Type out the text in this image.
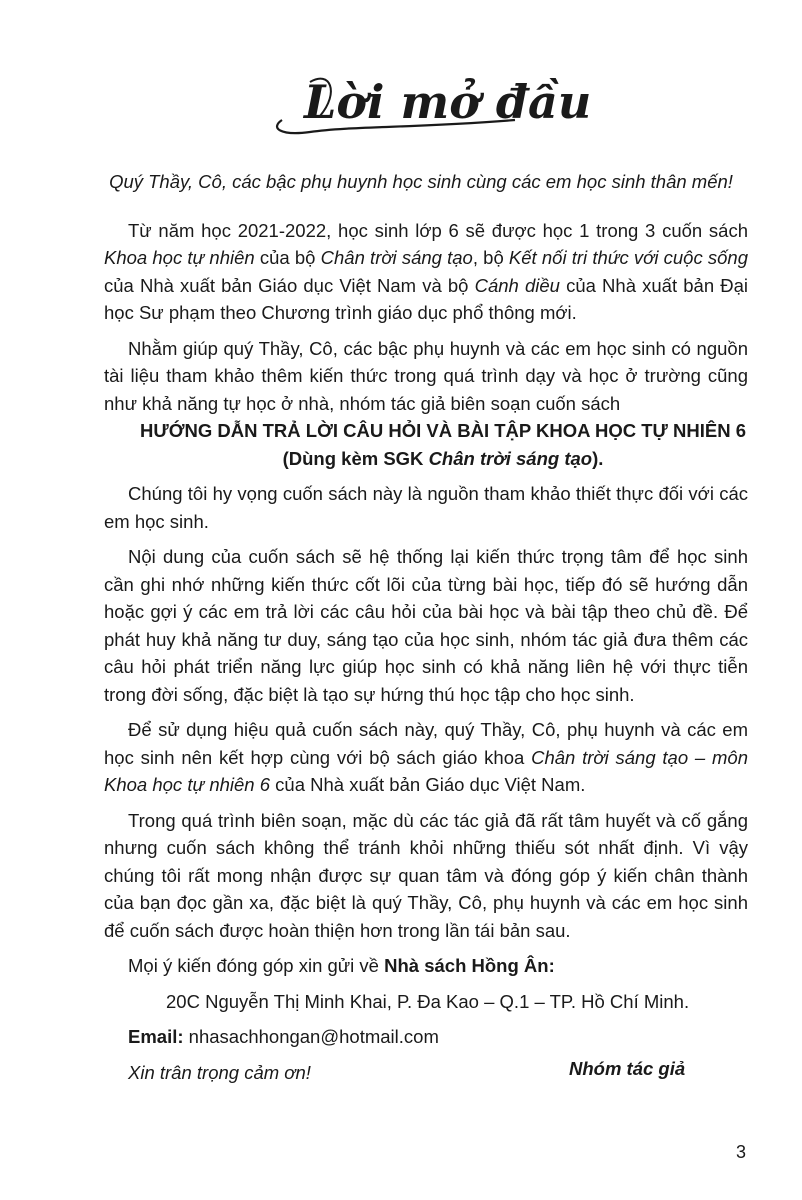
Lời mở đầu

Quý Thầy, Cô, các bậc phụ huynh học sinh cùng các em học sinh thân mến!

Từ năm học 2021-2022, học sinh lớp 6 sẽ được học 1 trong 3 cuốn sách Khoa học tự nhiên của bộ Chân trời sáng tạo, bộ Kết nối tri thức với cuộc sống của Nhà xuất bản Giáo dục Việt Nam và bộ Cánh diều của Nhà xuất bản Đại học Sư phạm theo Chương trình giáo dục phổ thông mới.

Nhằm giúp quý Thầy, Cô, các bậc phụ huynh và các em học sinh có nguồn tài liệu tham khảo thêm kiến thức trong quá trình dạy và học ở trường cũng như khả năng tự học ở nhà, nhóm tác giả biên soạn cuốn sách

HƯỚNG DẪN TRẢ LỜI CÂU HỎI VÀ BÀI TẬP KHOA HỌC TỰ NHIÊN 6

(Dùng kèm SGK Chân trời sáng tạo).

Chúng tôi hy vọng cuốn sách này là nguồn tham khảo thiết thực đối với các em học sinh.

Nội dung của cuốn sách sẽ hệ thống lại kiến thức trọng tâm để học sinh cần ghi nhớ những kiến thức cốt lõi của từng bài học, tiếp đó sẽ hướng dẫn hoặc gợi ý các em trả lời các câu hỏi của bài học và bài tập theo chủ đề. Để phát huy khả năng tư duy, sáng tạo của học sinh, nhóm tác giả đưa thêm các câu hỏi phát triển năng lực giúp học sinh có khả năng liên hệ với thực tiễn trong đời sống, đặc biệt là tạo sự hứng thú học tập cho học sinh.

Để sử dụng hiệu quả cuốn sách này, quý Thầy, Cô, phụ huynh và các em học sinh nên kết hợp cùng với bộ sách giáo khoa Chân trời sáng tạo – môn Khoa học tự nhiên 6 của Nhà xuất bản Giáo dục Việt Nam.

Trong quá trình biên soạn, mặc dù các tác giả đã rất tâm huyết và cố gắng nhưng cuốn sách không thể tránh khỏi những thiếu sót nhất định. Vì vậy chúng tôi rất mong nhận được sự quan tâm và đóng góp ý kiến chân thành của bạn đọc gần xa, đặc biệt là quý Thầy, Cô, phụ huynh và các em học sinh để cuốn sách được hoàn thiện hơn trong lần tái bản sau.

Mọi ý kiến đóng góp xin gửi về Nhà sách Hồng Ân:

20C Nguyễn Thị Minh Khai, P. Đa Kao – Q.1 – TP. Hồ Chí Minh.

Email: nhasachhongan@hotmail.com

Xin trân trọng cảm ơn!	Nhóm tác giả
3
